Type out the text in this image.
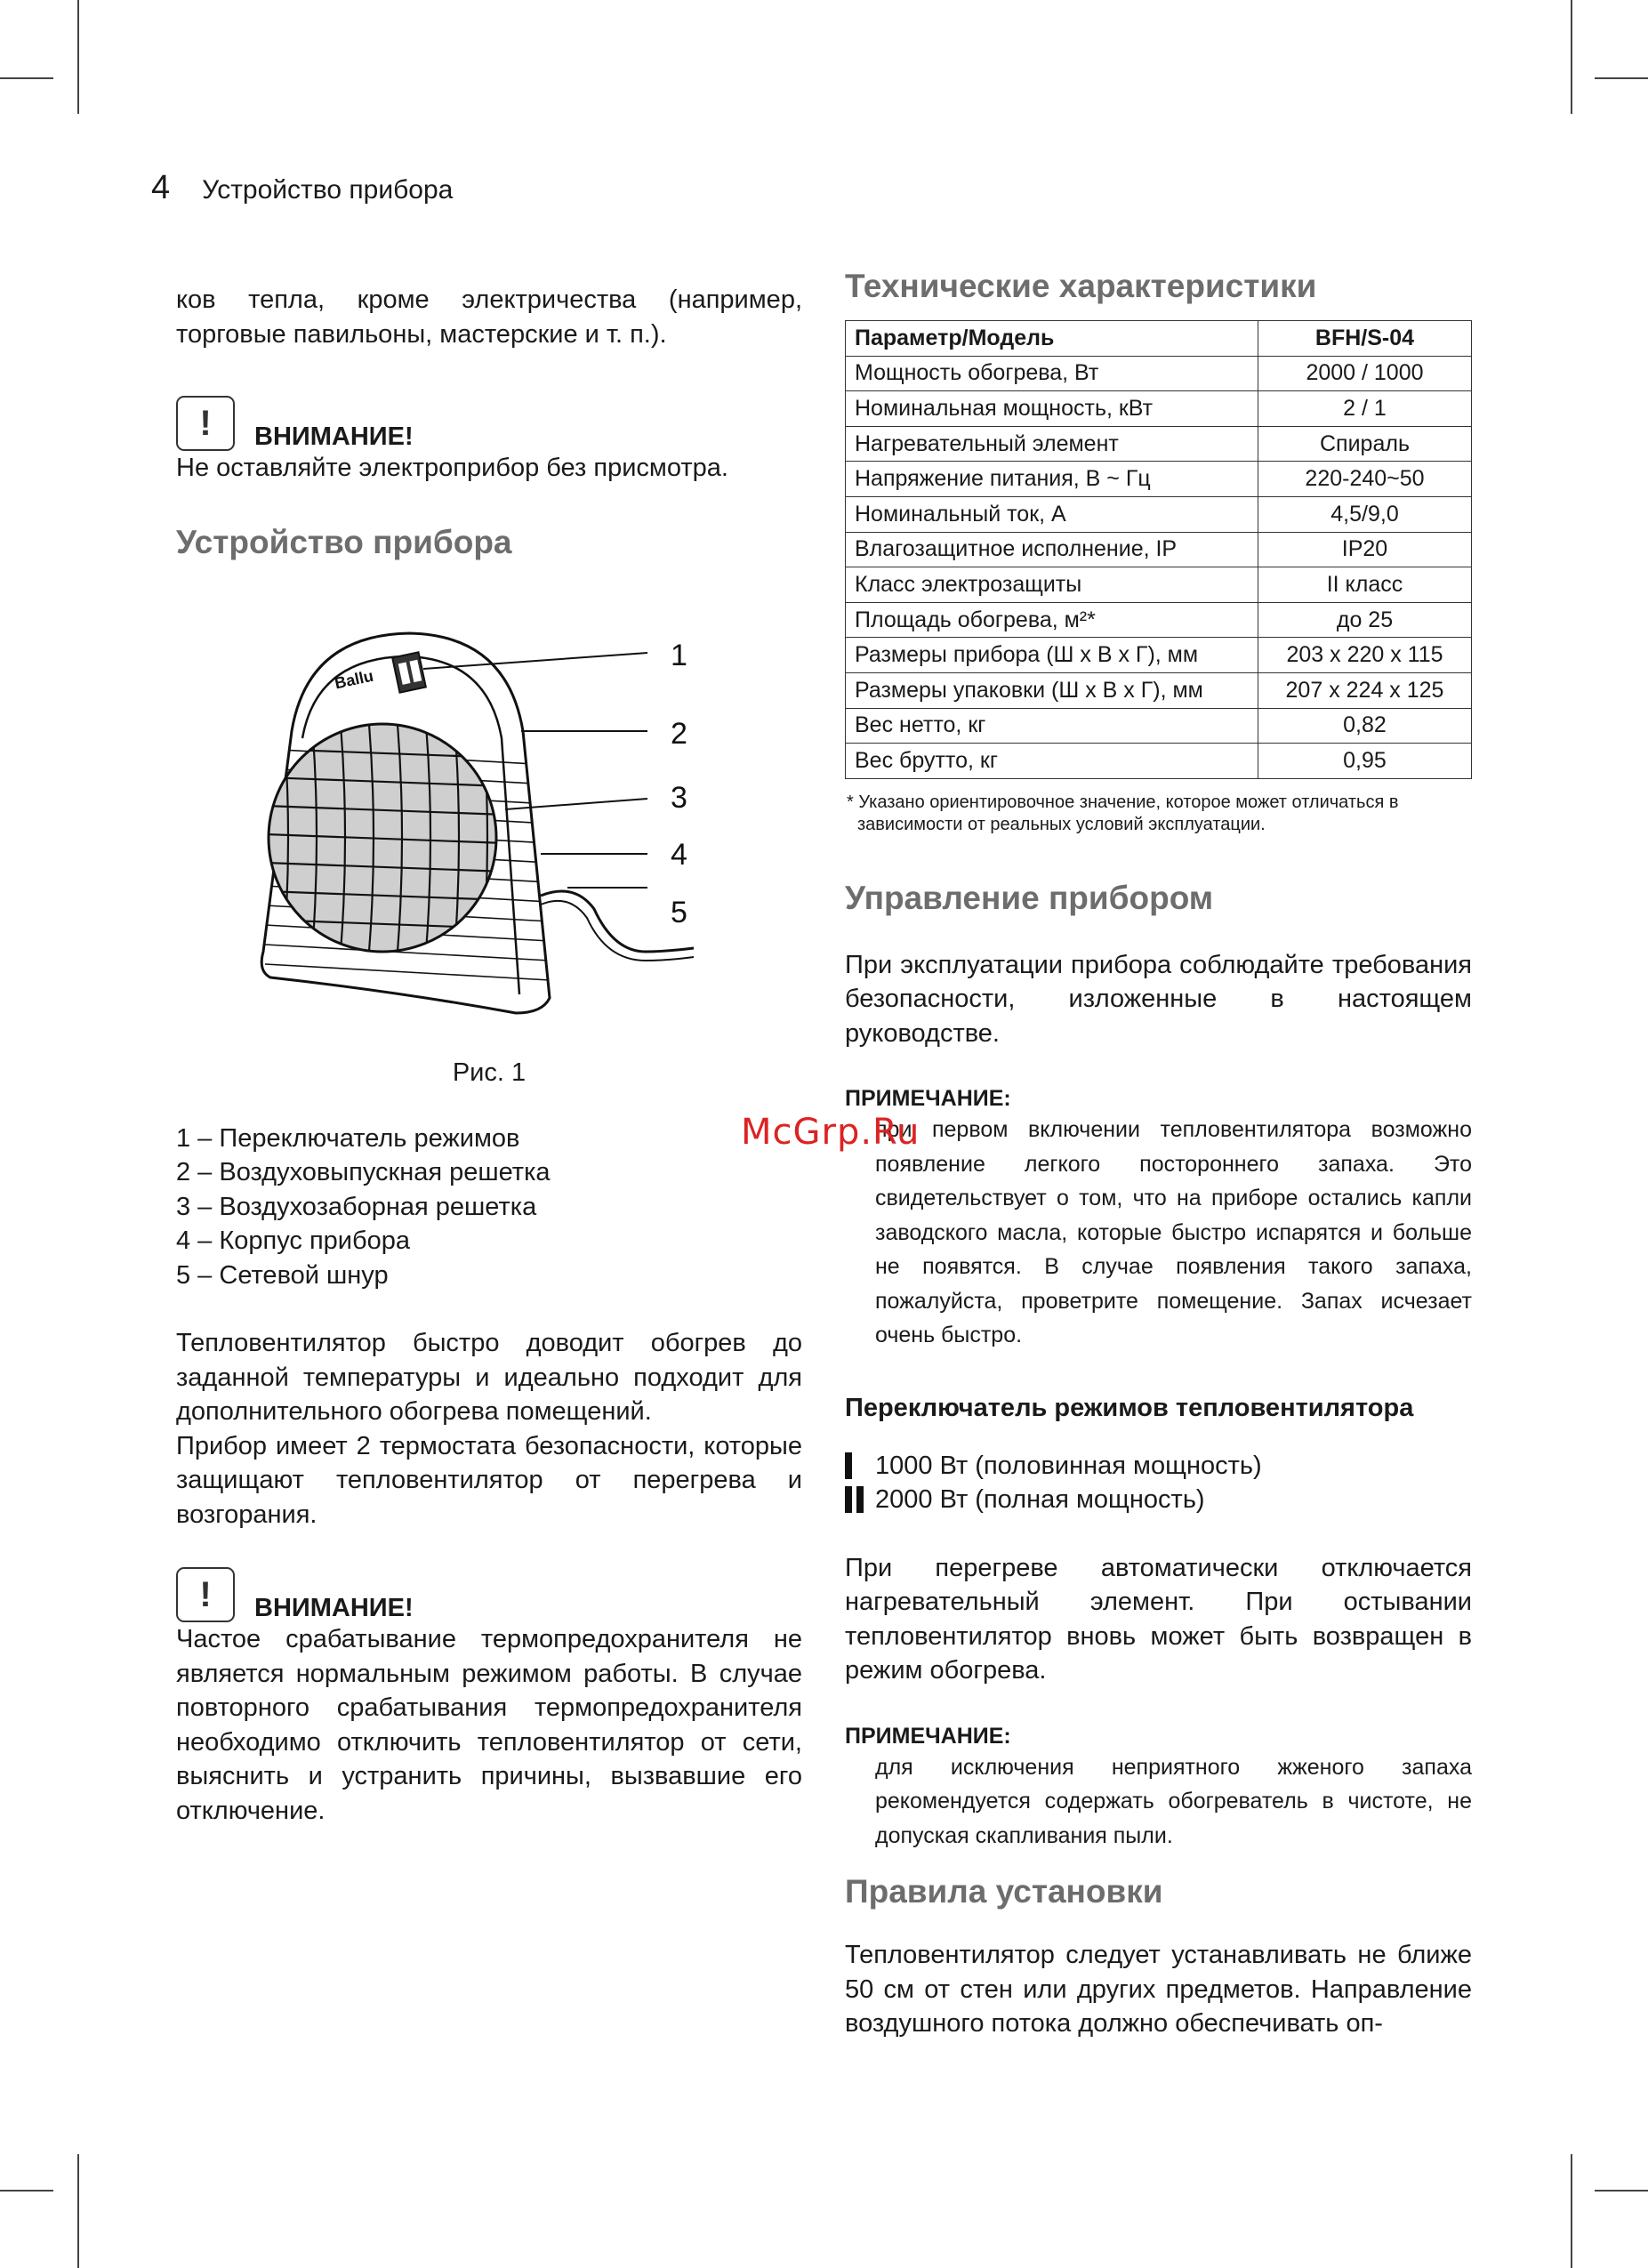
4 Устройство прибора

ков тепла, кроме электричества (например, торговые павильоны, мастерские и т. п.).

!	ВНИМАНИЕ!

Не оставляйте электроприбор без присмотра.

Устройство прибора
Ballu
1
2
3
4
5
Рис. 1
1 – Переключатель режимов
2 – Воздуховыпускная решетка
3 – Воздухозаборная решетка
4 – Корпус прибора
5 – Сетевой шнур

Тепловентилятор быстро доводит обогрев до заданной температуры и идеально подходит для дополнительного обогрева помещений.

Прибор имеет 2 термостата безопасности, которые защищают тепловентилятор от перегрева и возгорания.

!	ВНИМАНИЕ!

Частое срабатывание термопредохранителя не является нормальным режимом работы. В случае повторного срабатывания термопредохранителя необходимо отключить тепловентилятор от сети, выяснить и устранить причины, вызвавшие его отключение.

Технические характеристики
Параметр/Модель	BFH/S-04
Мощность обогрева, Вт	2000 / 1000
Номинальная мощность, кВт	2 / 1
Нагревательный элемент	Спираль
Напряжение питания, В ~ Гц	220-240~50
Номинальный ток, А	4,5/9,0
Влагозащитное исполнение, IP	IP20
Класс электрозащиты	II класс
Площадь обогрева, м²*	до 25
Размеры прибора (Ш x В x Г), мм	203 x 220 x 115
Размеры упаковки (Ш x В x Г), мм	207 x 224 x 125
Вес нетто, кг	0,82
Вес брутто, кг	0,95

* Указано ориентировочное значение, которое может отличаться в зависимости от реальных условий эксплуатации.

Управление прибором

При эксплуатации прибора соблюдайте требования безопасности, изложенные в настоящем руководстве.

ПРИМЕЧАНИЕ:

при первом включении тепловентилятора возможно появление легкого постороннего запаха. Это свидетельствует о том, что на приборе остались капли заводского масла, которые быстро испарятся и больше не появятся. В случае появления такого запаха, пожалуйста, проветрите помещение. Запах исчезает очень быстро.

Переключатель режимов тепловентилятора
1000 Вт (половинная мощность)
2000 Вт (полная мощность)

При перегреве автоматически отключается нагревательный элемент. При остывании тепловентилятор вновь может быть возвращен в режим обогрева.

ПРИМЕЧАНИЕ:

для исключения неприятного жженого запаха рекомендуется содержать обогреватель в чистоте, не допуская скапливания пыли.

Правила установки

Тепловентилятор следует устанавливать не ближе 50 см от стен или других предметов. Направление воздушного потока должно обеспечивать оп-

McGrp.Ru
